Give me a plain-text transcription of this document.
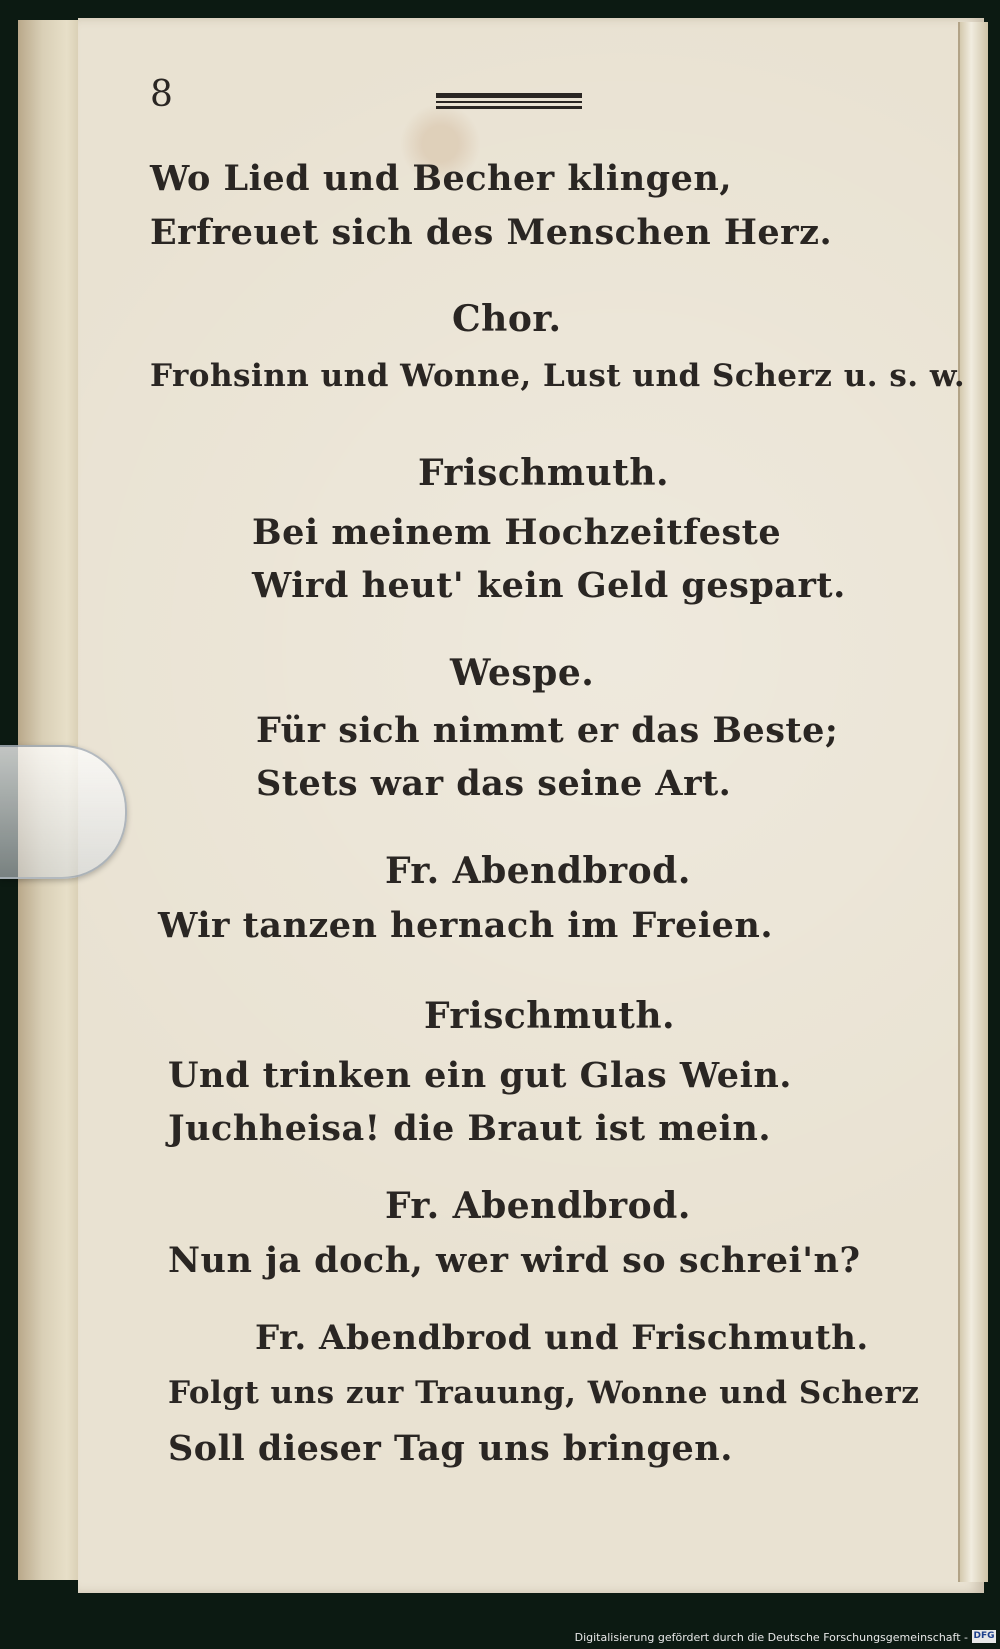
8
Wo Lied und Becher klingen,
Erfreuet sich des Menschen Herz.
Chor.
Frohsinn und Wonne, Lust und Scherz u. s. w.
Frischmuth.
Bei meinem Hochzeitfeste
Wird heut' kein Geld gespart.
Wespe.
Für sich nimmt er das Beste;
Stets war das seine Art.
Fr. Abendbrod.
Wir tanzen hernach im Freien.
Frischmuth.
Und trinken ein gut Glas Wein.
Juchheisa! die Braut ist mein.
Fr. Abendbrod.
Nun ja doch, wer wird so schrei'n?
Fr. Abendbrod und Frischmuth.
Folgt uns zur Trauung, Wonne und Scherz
Soll dieser Tag uns bringen.
Digitalisierung gefördert durch die Deutsche Forschungsgemeinschaft - DFG
